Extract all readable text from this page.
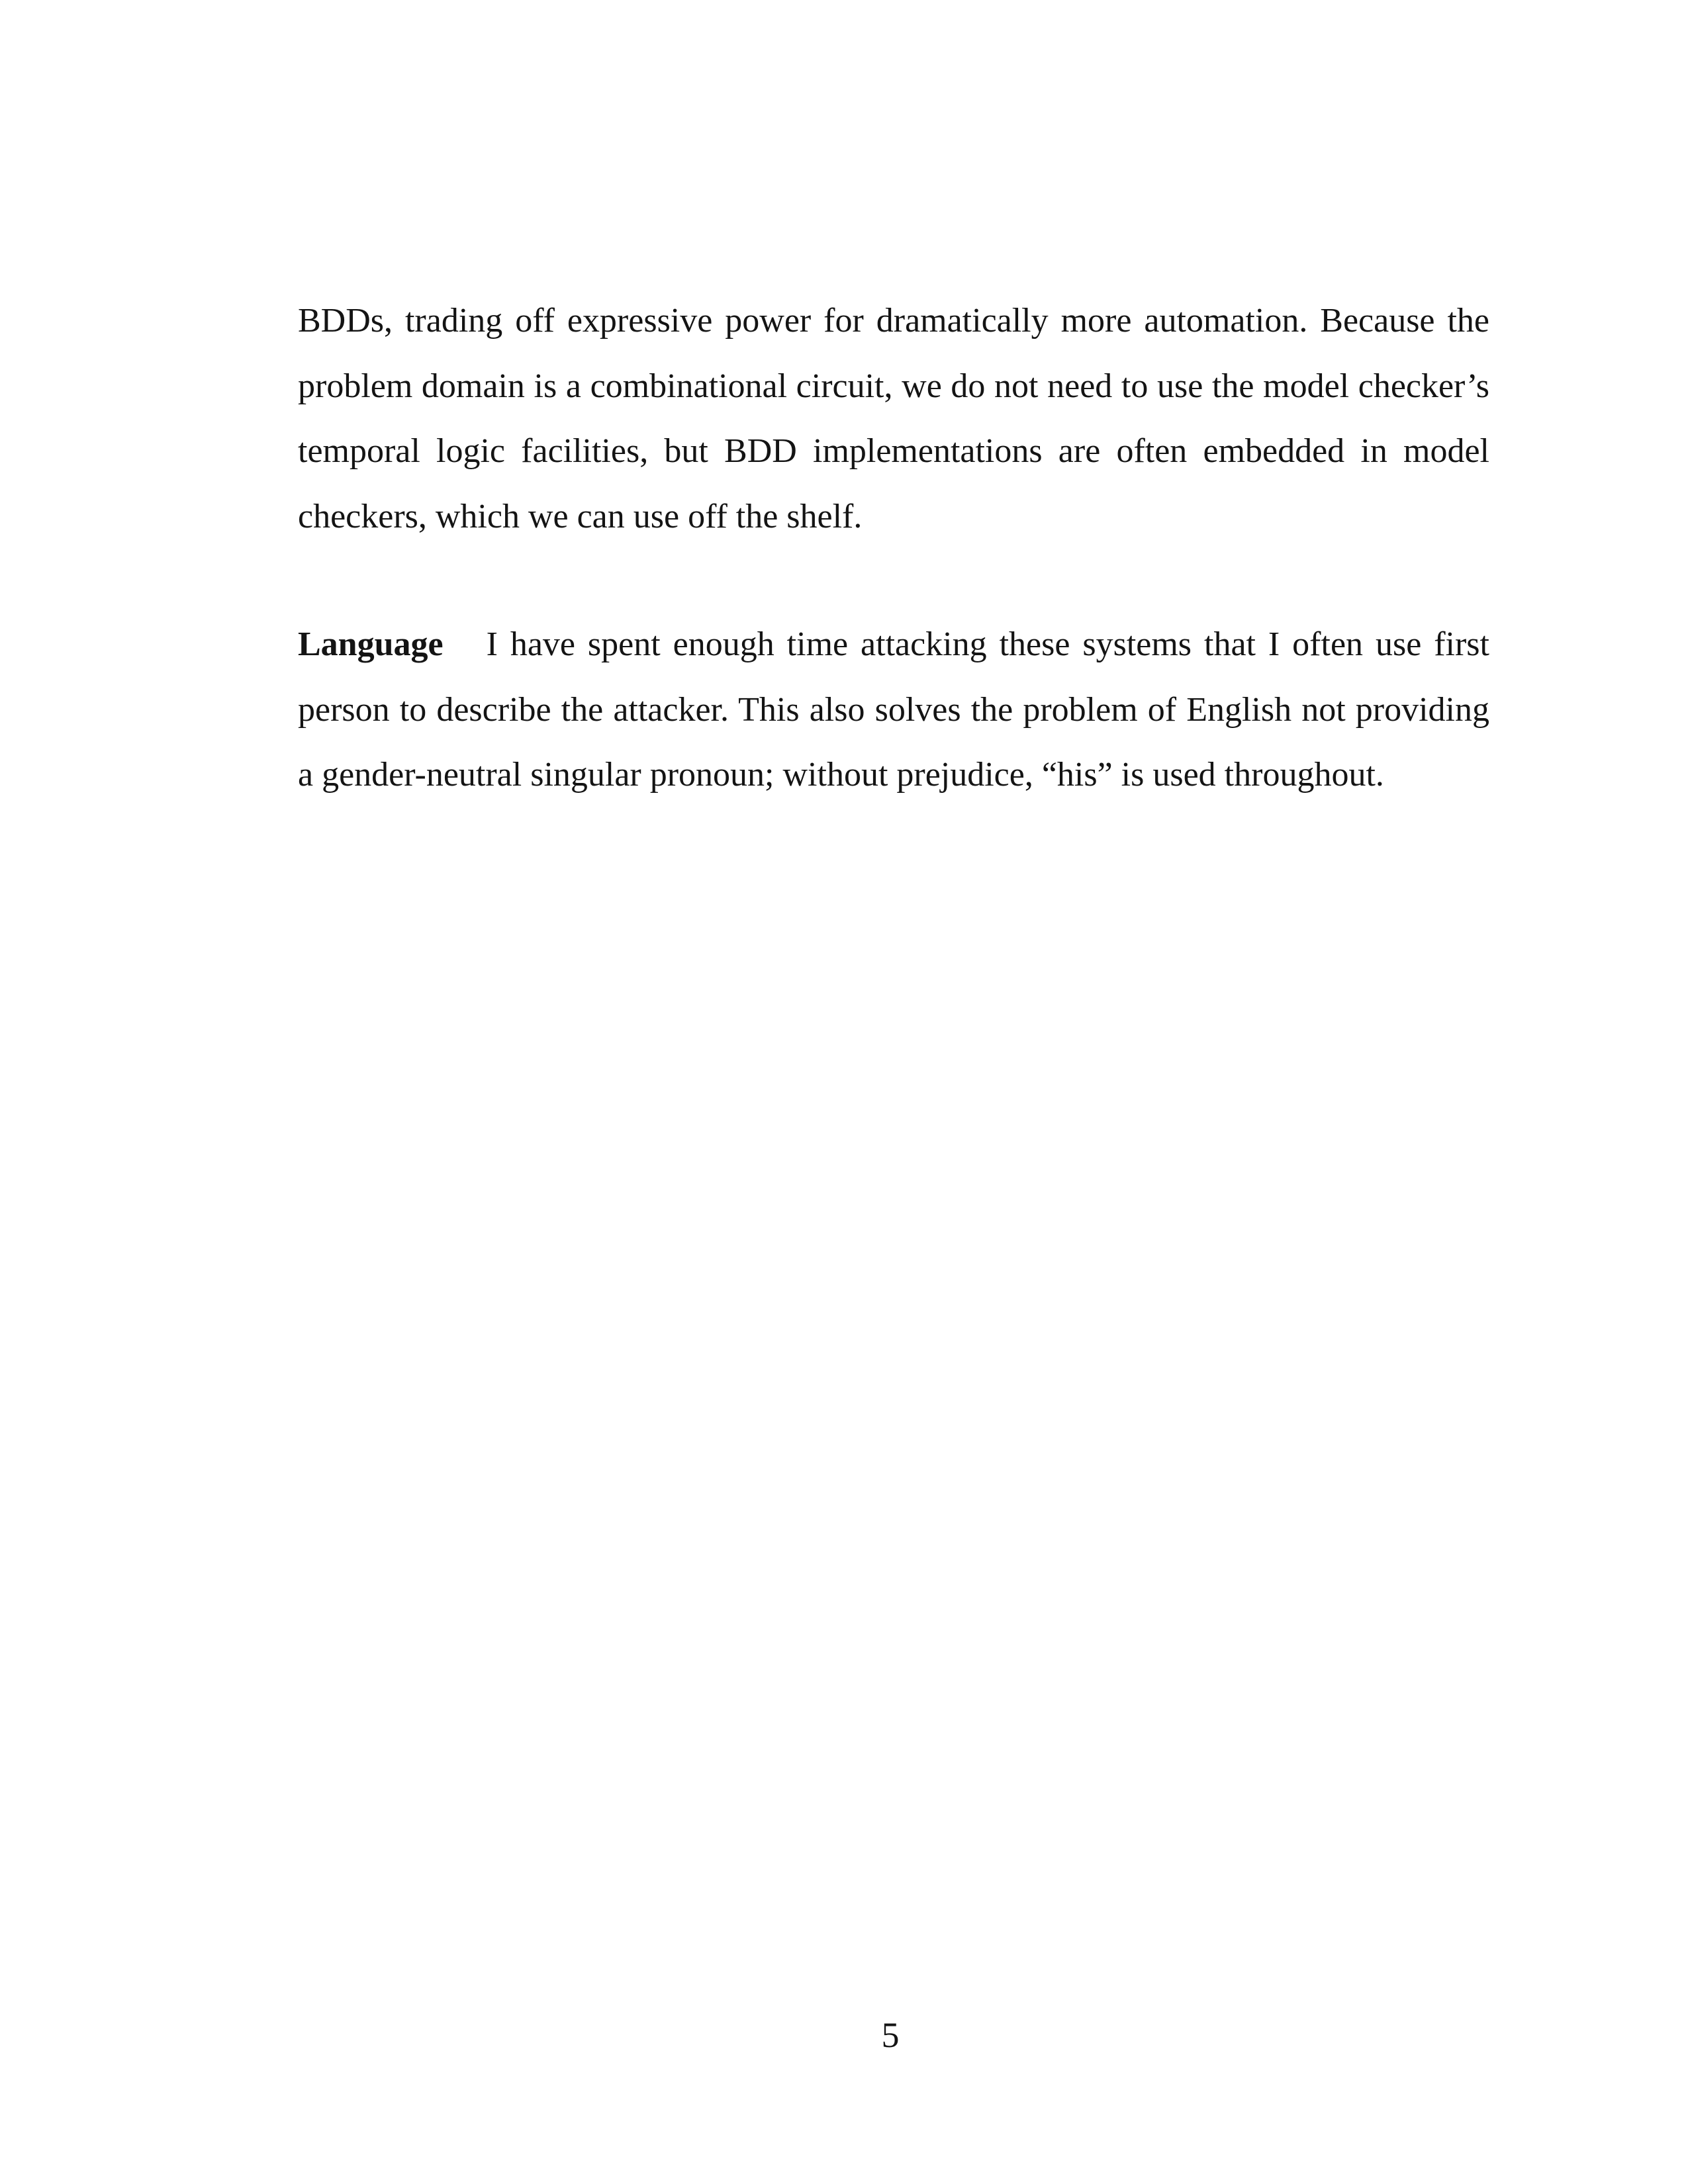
BDDs, trading off expressive power for dramatically more automation. Because the problem domain is a combinational circuit, we do not need to use the model checker’s temporal logic facilities, but BDD implementations are often embedded in model checkers, which we can use off the shelf.

Language I have spent enough time attacking these systems that I often use first person to describe the attacker. This also solves the problem of English not providing a gender-neutral singular pronoun; without prejudice, “his” is used throughout.

5
